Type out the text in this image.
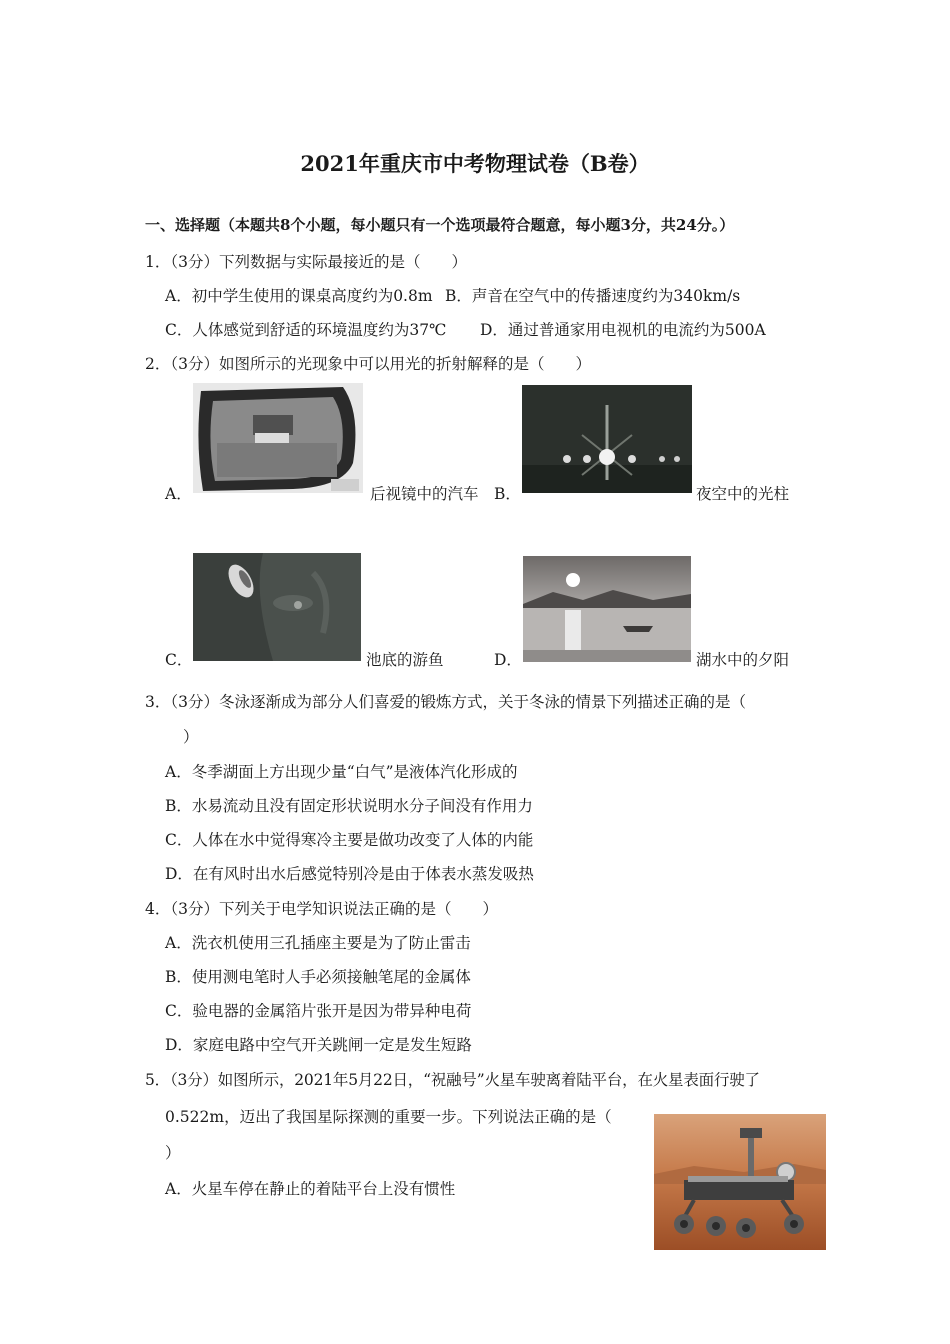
2021年重庆市中考物理试卷（B卷）
一、选择题（本题共8个小题，每小题只有一个选项最符合题意，每小题3分，共24分。）
1．（3分）下列数据与实际最接近的是（　　）
A．初中学生使用的课桌高度约为0.8m B．声音在空气中的传播速度约为340km/s
C．人体感觉到舒适的环境温度约为37℃ D．通过普通家用电视机的电流约为500A
2．（3分）如图所示的光现象中可以用光的折射解释的是（　　）
A．	后视镜中的汽车 B．	夜空中的光柱
C．	池底的游鱼	D．	湖水中的夕阳
3．（3分）冬泳逐渐成为部分人们喜爱的锻炼方式，关于冬泳的情景下列描述正确的是（
）
A．冬季湖面上方出现少量“白气”是液体汽化形成的
B．水易流动且没有固定形状说明水分子间没有作用力
C．人体在水中觉得寒冷主要是做功改变了人体的内能
D．在有风时出水后感觉特别冷是由于体表水蒸发吸热
4．（3分）下列关于电学知识说法正确的是（　　）
A．洗衣机使用三孔插座主要是为了防止雷击
B．使用测电笔时人手必须接触笔尾的金属体
C．验电器的金属箔片张开是因为带异种电荷
D．家庭电路中空气开关跳闸一定是发生短路
5．（3分）如图所示，2021年5月22日，“祝融号”火星车驶离着陆平台，在火星表面行驶了
0.522m，迈出了我国星际探测的重要一步。下列说法正确的是（
）
A．火星车停在静止的着陆平台上没有惯性
